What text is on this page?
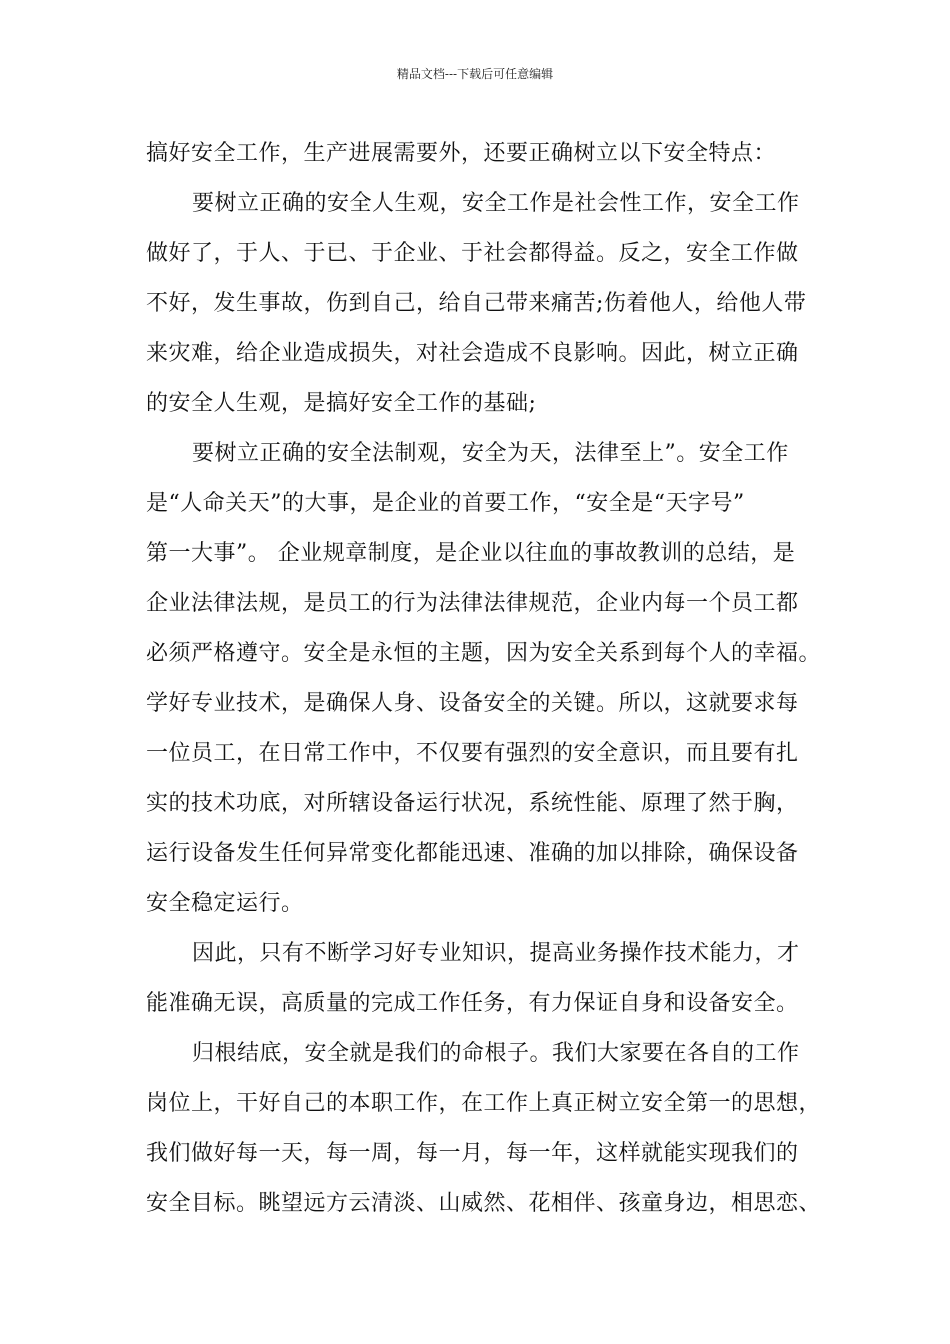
精品文档---下载后可任意编辑
搞好安全工作，生产进展需要外，还要正确树立以下安全特点：
要树立正确的安全人生观，安全工作是社会性工作，安全工作
做好了，于人、于已、于企业、于社会都得益。反之，安全工作做
不好，发生事故，伤到自己，给自己带来痛苦;伤着他人，给他人带
来灾难，给企业造成损失，对社会造成不良影响。因此，树立正确
的安全人生观，是搞好安全工作的基础;
要树立正确的安全法制观，安全为天，法律至上”。安全工作
是“人命关天”的大事，是企业的首要工作，“安全是“天字号”
第一大事”。 企业规章制度，是企业以往血的事故教训的总结，是
企业法律法规，是员工的行为法律法律规范，企业内每一个员工都
必须严格遵守。安全是永恒的主题，因为安全关系到每个人的幸福。
学好专业技术，是确保人身、设备安全的关键。所以，这就要求每
一位员工，在日常工作中，不仅要有强烈的安全意识，而且要有扎
实的技术功底，对所辖设备运行状况，系统性能、原理了然于胸，
运行设备发生任何异常变化都能迅速、准确的加以排除，确保设备
安全稳定运行。
因此，只有不断学习好专业知识，提高业务操作技术能力，才
能准确无误，高质量的完成工作任务，有力保证自身和设备安全。
归根结底，安全就是我们的命根子。我们大家要在各自的工作
岗位上，干好自己的本职工作，在工作上真正树立安全第一的思想，
我们做好每一天，每一周，每一月，每一年，这样就能实现我们的
安全目标。眺望远方云清淡、山威然、花相伴、孩童身边，相思恋、
